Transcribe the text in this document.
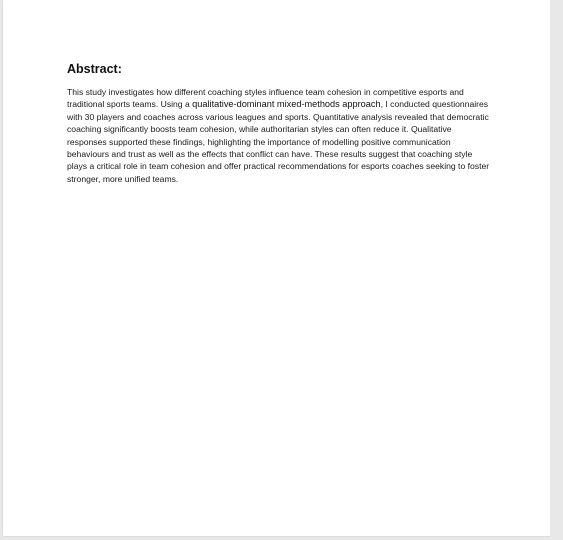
Abstract:

This study investigates how different coaching styles influence team cohesion in competitive esports and traditional sports teams. Using a qualitative-dominant mixed-methods approach, I conducted questionnaires with 30 players and coaches across various leagues and sports. Quantitative analysis revealed that democratic coaching significantly boosts team cohesion, while authoritarian styles can often reduce it. Qualitative responses supported these findings, highlighting the importance of modelling positive communication behaviours and trust as well as the effects that conflict can have. These results suggest that coaching style plays a critical role in team cohesion and offer practical recommendations for esports coaches seeking to foster stronger, more unified teams.
